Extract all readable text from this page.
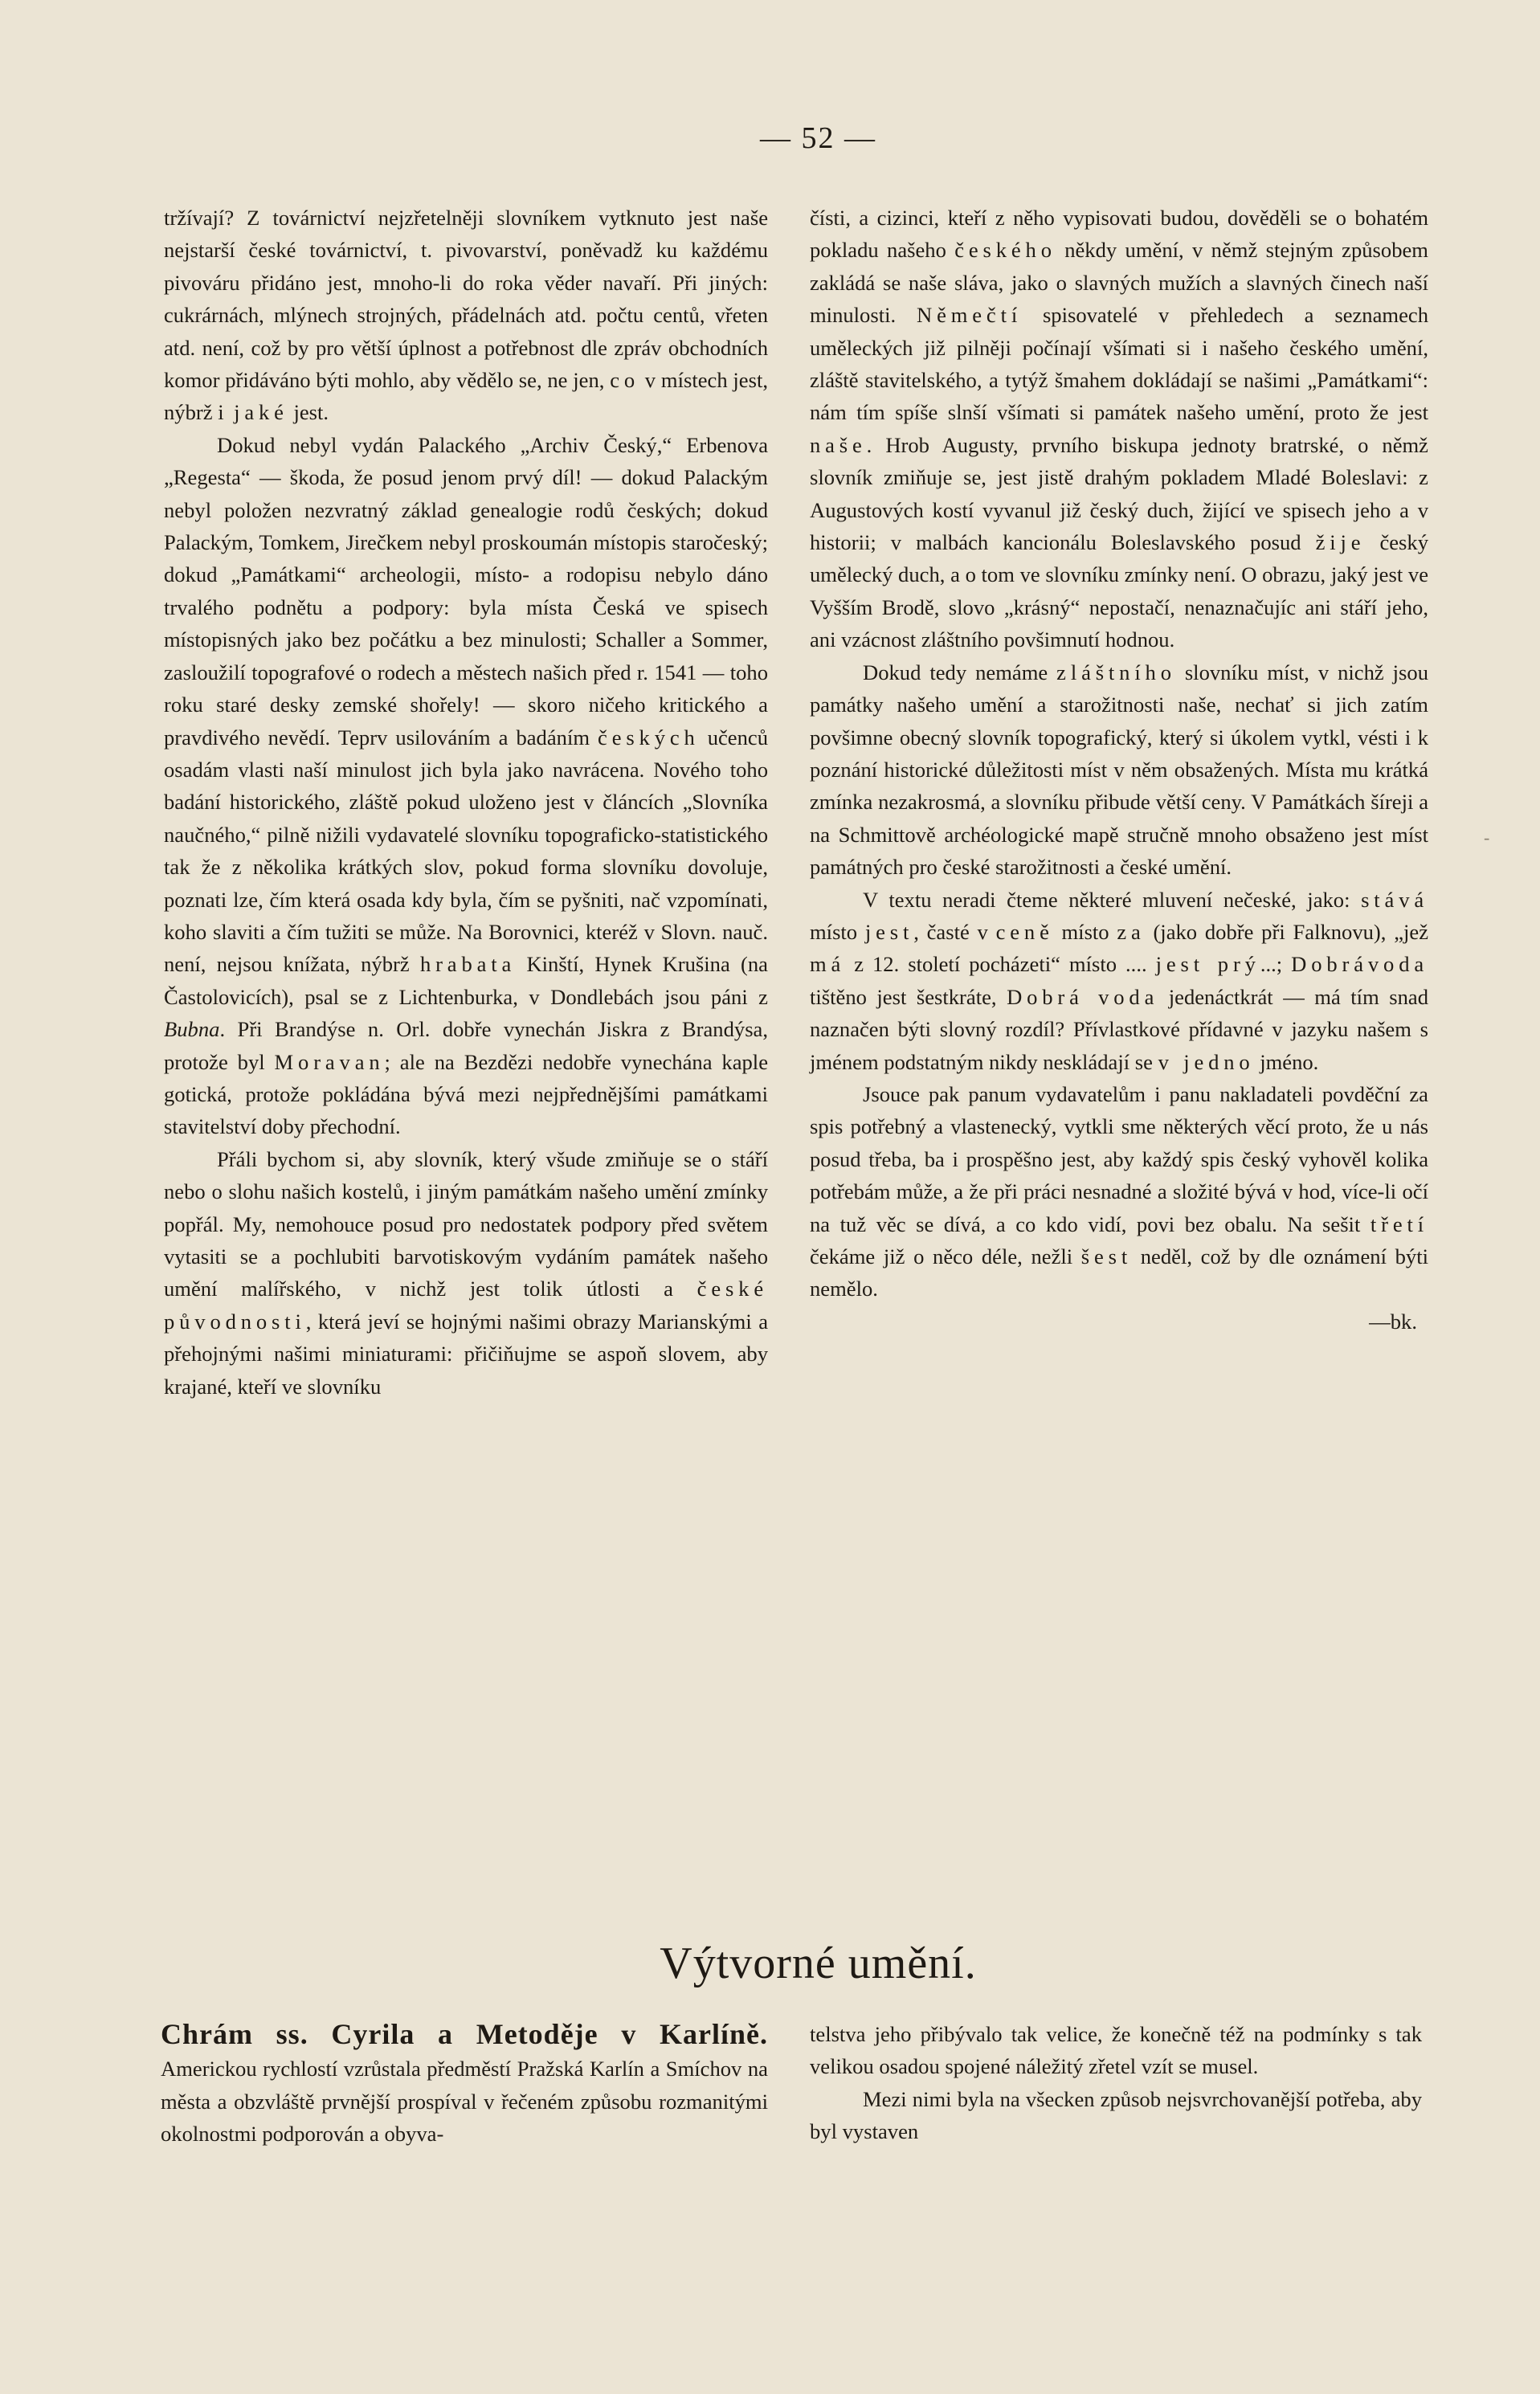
— 52 —
-

tržívají? Z továrnictví nejzřetelněji slovníkem vytknuto jest naše nejstarší české továrnictví, t. pivovarství, poněvadž ku každému pivováru přidáno jest, mnoho-li do roka věder navaří. Při jiných: cukrárnách, mlýnech strojných, přádelnách atd. počtu centů, vřeten atd. není, což by pro větší úplnost a potřebnost dle zpráv obchodních komor přidáváno býti mohlo, aby vědělo se, ne jen, co v místech jest, nýbrž i jaké jest.

Dokud nebyl vydán Palackého „Archiv Český,“ Erbenova „Regesta“ — škoda, že posud jenom prvý díl! — dokud Palackým nebyl položen nezvratný základ genealogie rodů českých; dokud Palackým, Tomkem, Jirečkem nebyl proskoumán místopis staročeský; dokud „Památkami“ archeologii, místo- a rodopisu nebylo dáno trvalého podnětu a podpory: byla místa Česká ve spisech místopisných jako bez počátku a bez minulosti; Schaller a Sommer, zasloužilí topografové o rodech a městech našich před r. 1541 — toho roku staré desky zemské shořely! — skoro ničeho kritického a pravdivého nevědí. Teprv usilováním a badáním českých učenců osadám vlasti naší minulost jich byla jako navrácena. Nového toho badání historického, zláště pokud uloženo jest v článcích „Slovníka naučného,“ pilně nižili vydavatelé slovníku topograficko-statistického tak že z několika krátkých slov, pokud forma slovníku dovoluje, poznati lze, čím která osada kdy byla, čím se pyšniti, nač vzpomínati, koho slaviti a čím tužiti se může. Na Borovnici, kteréž v Slovn. nauč. není, nejsou knížata, nýbrž hrabata Kinští, Hynek Krušina (na Častolovicích), psal se z Lichtenburka, v Dondlebách jsou páni z Bubna. Při Brandýse n. Orl. dobře vynechán Jiskra z Brandýsa, protože byl Moravan; ale na Bezdězi nedobře vynechána kaple gotická, protože pokládána bývá mezi nejpřednějšími památkami stavitelství doby přechodní.

Přáli bychom si, aby slovník, který všude zmiňuje se o stáří nebo o slohu našich kostelů, i jiným památkám našeho umění zmínky popřál. My, nemohouce posud pro nedostatek podpory před světem vytasiti se a pochlubiti barvotiskovým vydáním památek našeho umění malířského, v nichž jest tolik útlosti a české původnosti, která jeví se hojnými našimi obrazy Marianskými a přehojnými našimi miniaturami: přičiňujme se aspoň slovem, aby krajané, kteří ve slovníku

čísti, a cizinci, kteří z něho vypisovati budou, dověděli se o bohatém pokladu našeho českého někdy umění, v němž stejným způsobem zakládá se naše sláva, jako o slavných mužích a slavných činech naší minulosti. Němečtí spisovatelé v přehledech a seznamech uměleckých již pilněji počínají všímati si i našeho českého umění, zláště stavitelského, a tytýž šmahem dokládají se našimi „Památkami“: nám tím spíše slnší všímati si památek našeho umění, proto že jest naše. Hrob Augusty, prvního biskupa jednoty bratrské, o němž slovník zmiňuje se, jest jistě drahým pokladem Mladé Boleslavi: z Augustových kostí vyvanul již český duch, žijící ve spisech jeho a v historii; v malbách kancionálu Boleslavského posud žije český umělecký duch, a o tom ve slovníku zmínky není. O obrazu, jaký jest ve Vyšším Brodě, slovo „krásný“ nepostačí, nenaznačujíc ani stáří jeho, ani vzácnost zláštního povšimnutí hodnou.

Dokud tedy nemáme zláštního slovníku míst, v nichž jsou památky našeho umění a starožitnosti naše, nechať si jich zatím povšimne obecný slovník topografický, který si úkolem vytkl, vésti i k poznání historické důležitosti míst v něm obsažených. Místa mu krátká zmínka nezakrosmá, a slovníku přibude větší ceny. V Památkách šíreji a na Schmittově archéologické mapě stručně mnoho obsaženo jest míst památných pro české starožitnosti a české umění.

V textu neradi čteme některé mluvení nečeské, jako: stává místo jest, časté v ceně místo za (jako dobře při Falknovu), „jež má z 12. století pocházeti“ místo .... jest prý...; Dobrávoda tištěno jest šestkráte, Dobrá voda jedenáctkrát — má tím snad naznačen býti slovný rozdíl? Přívlastkové přídavné v jazyku našem s jménem podstatným nikdy neskládají se v jedno jméno.

Jsouce pak panum vydavatelům i panu nakladateli povděční za spis potřebný a vlastenecký, vytkli sme některých věcí proto, že u nás posud třeba, ba i prospěšno jest, aby každý spis český vyhověl kolika potřebám může, a že při práci nesnadné a složité bývá v hod, více-li očí na tuž věc se dívá, a co kdo vidí, povi bez obalu. Na sešit třetí čekáme již o něco déle, nežli šest neděl, což by dle oznámení býti nemělo.

—bk.

Výtvorné umění.

Chrám ss. Cyrila a Metoděje v Karlíně. Americkou rychlostí vzrůstala předměstí Pražská Karlín a Smíchov na města a obzvláště prvnější prospíval v řečeném způsobu rozmanitými okolnostmi podporován a obyva-

telstva jeho přibývalo tak velice, že konečně též na podmínky s tak velikou osadou spojené náležitý zřetel vzít se musel.

Mezi nimi byla na všecken způsob nejsvrchovanější potřeba, aby byl vystaven
